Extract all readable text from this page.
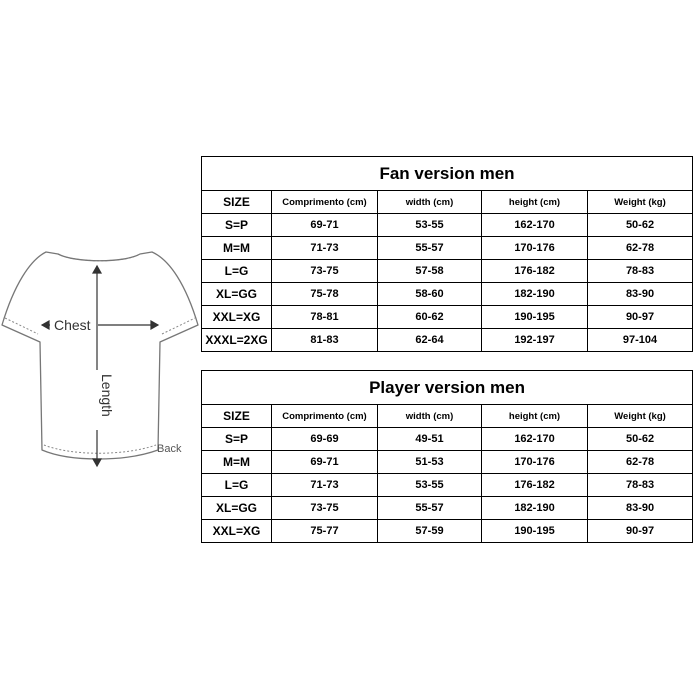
Chest
Length
Back
Fan version men				
SIZE	Comprimento (cm)	width (cm)	height (cm)	Weight (kg)
S=P	69-71	53-55	162-170	50-62
M=M	71-73	55-57	170-176	62-78
L=G	73-75	57-58	176-182	78-83
XL=GG	75-78	58-60	182-190	83-90
XXL=XG	78-81	60-62	190-195	90-97
XXXL=2XG	81-83	62-64	192-197	97-104
Player version men				
SIZE	Comprimento (cm)	width (cm)	height (cm)	Weight (kg)
S=P	69-69	49-51	162-170	50-62
M=M	69-71	51-53	170-176	62-78
L=G	71-73	53-55	176-182	78-83
XL=GG	73-75	55-57	182-190	83-90
XXL=XG	75-77	57-59	190-195	90-97
